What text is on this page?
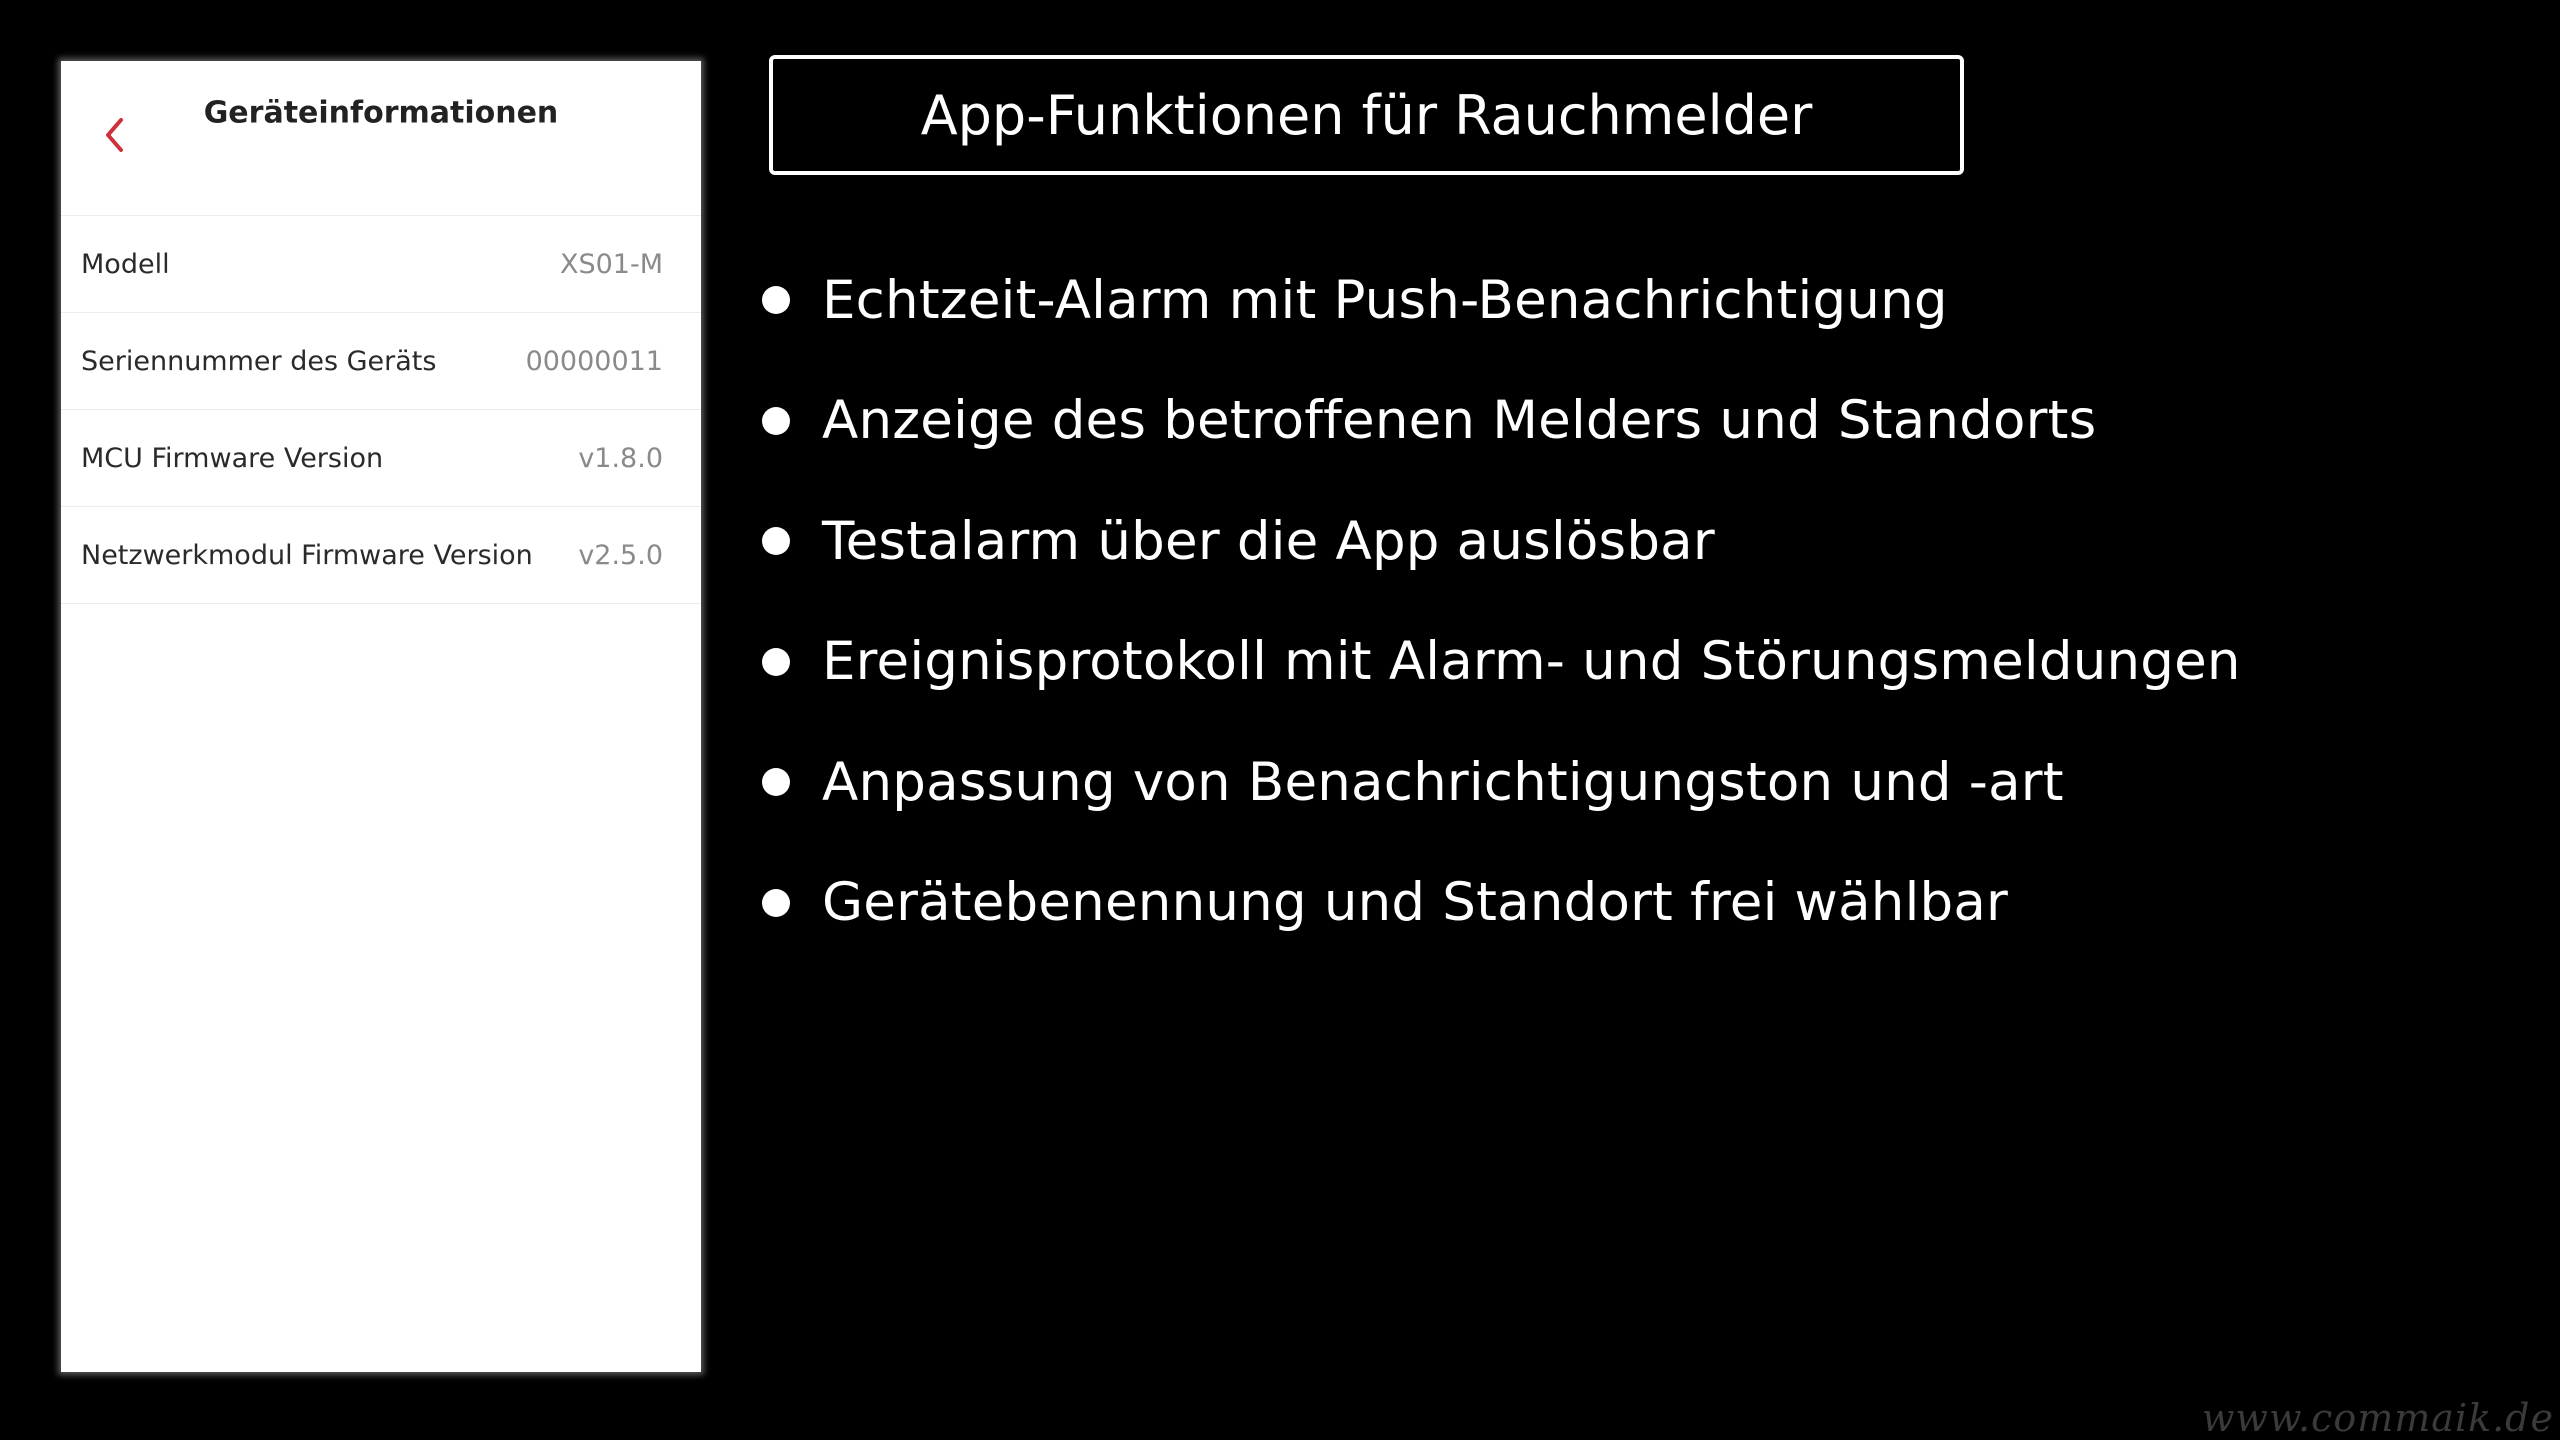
Geräteinformationen
Modell	XS01-M
Seriennummer des Geräts	00000011
MCU Firmware Version	v1.8.0
Netzwerkmodul Firmware Version v2.5.0
App-Funktionen für Rauchmelder
Echtzeit-Alarm mit Push-Benachrichtigung
Anzeige des betroffenen Melders und Standorts
Testalarm über die App auslösbar
Ereignisprotokoll mit Alarm- und Störungsmeldungen
Anpassung von Benachrichtigungston und -art
Gerätebenennung und Standort frei wählbar
www.commaik.de
